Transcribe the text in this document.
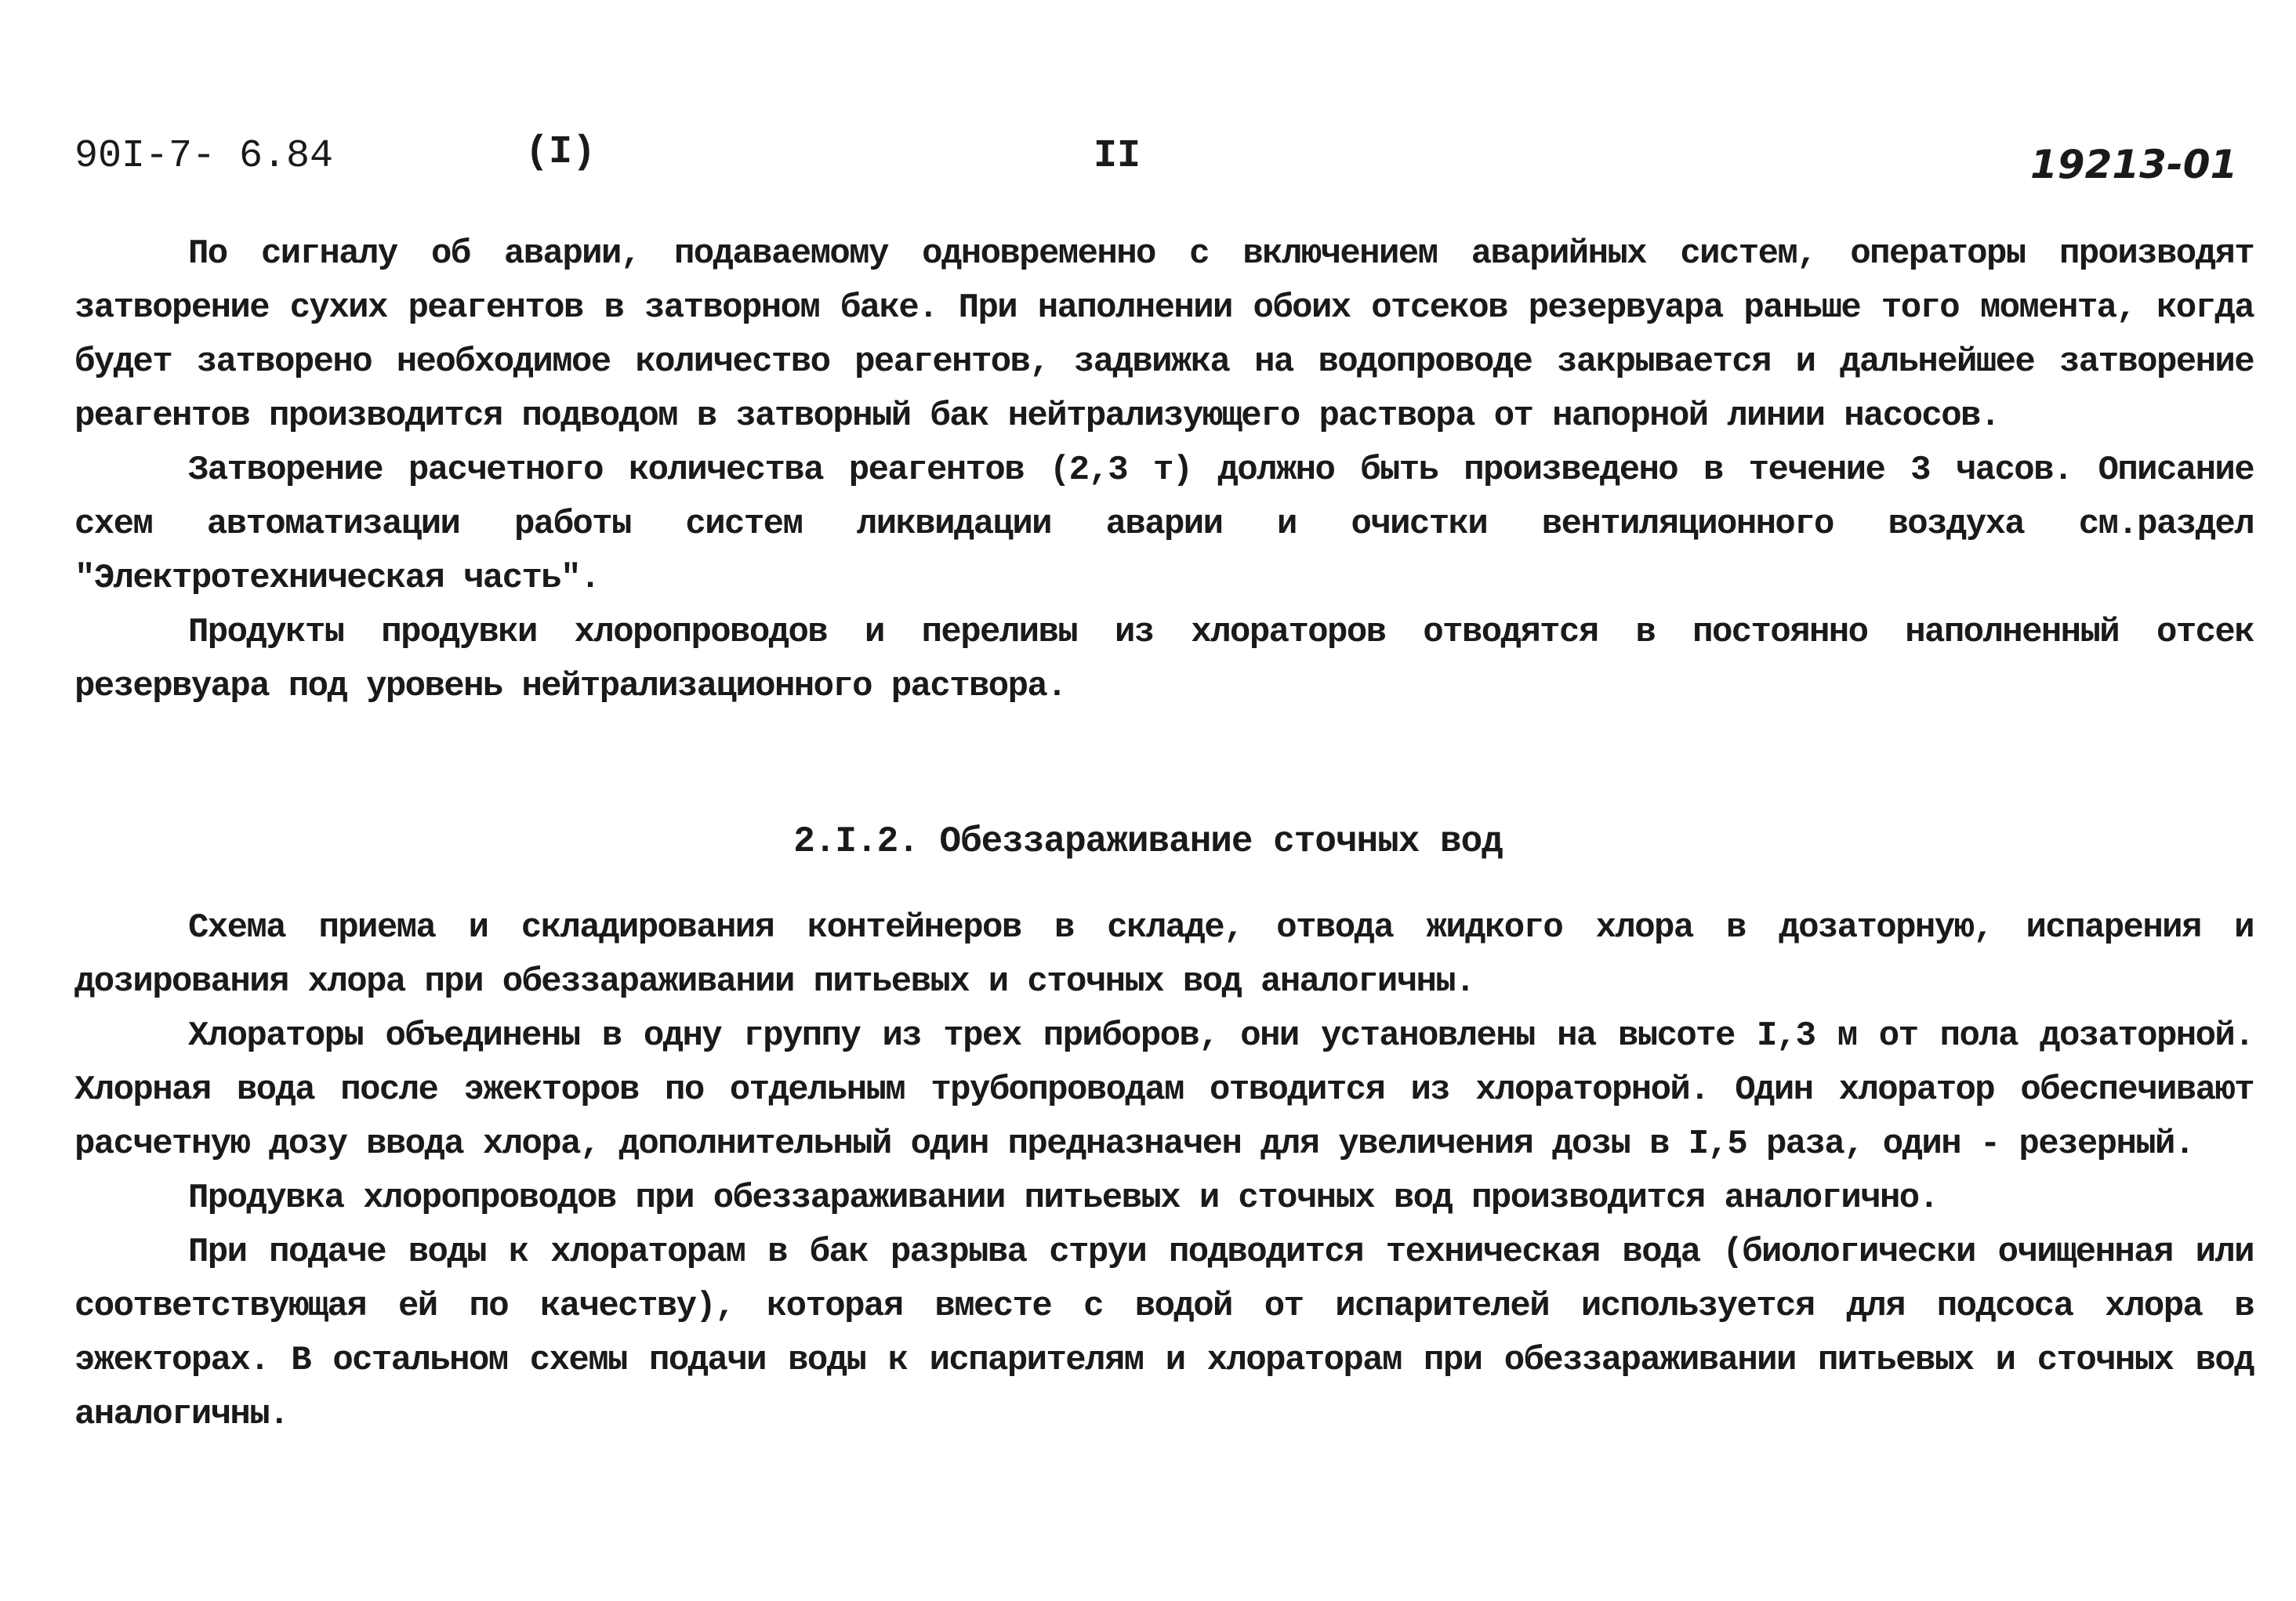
90I-7- 6.84	(I)	II	19213-01

По сигналу об аварии, подаваемому одновременно с включением аварийных систем, операторы производят затворение сухих реагентов в затворном баке. При наполнении обоих отсеков резервуара раньше того момента, когда будет затворено необходимое количество реагентов, задвижка на водопроводе закрывается и дальнейшее затворение реагентов производится подводом в затворный бак нейтрализующего раствора от напорной линии насосов.

Затворение расчетного количества реагентов (2,3 т) должно быть произведено в течение 3 часов. Описание схем автоматизации работы систем ликвидации аварии и очистки вентиляционного воздуха см.раздел "Электротехническая часть".

Продукты продувки хлоропроводов и переливы из хлораторов отводятся в постоянно наполненный отсек резервуара под уровень нейтрализационного раствора.

2.I.2. Обеззараживание сточных вод

Схема приема и складирования контейнеров в складе, отвода жидкого хлора в дозаторную, испарения и дозирования хлора при обеззараживании питьевых и сточных вод аналогичны.

Хлораторы объединены в одну группу из трех приборов, они установлены на высоте I,3 м от пола дозаторной. Хлорная вода после эжекторов по отдельным трубопроводам отводится из хлораторной. Один хлоратор обеспечивают расчетную дозу ввода хлора, дополнительный один предназначен для увеличения дозы в I,5 раза, один - резерный.

Продувка хлоропроводов при обеззараживании питьевых и сточных вод производится аналогично.

При подаче воды к хлораторам в бак разрыва струи подводится техническая вода (биологически очищенная или соответствующая ей по качеству), которая вместе с водой от испарителей используется для подсоса хлора в эжекторах. В остальном схемы подачи воды к испарителям и хлораторам при обеззараживании питьевых и сточных вод аналогичны.
